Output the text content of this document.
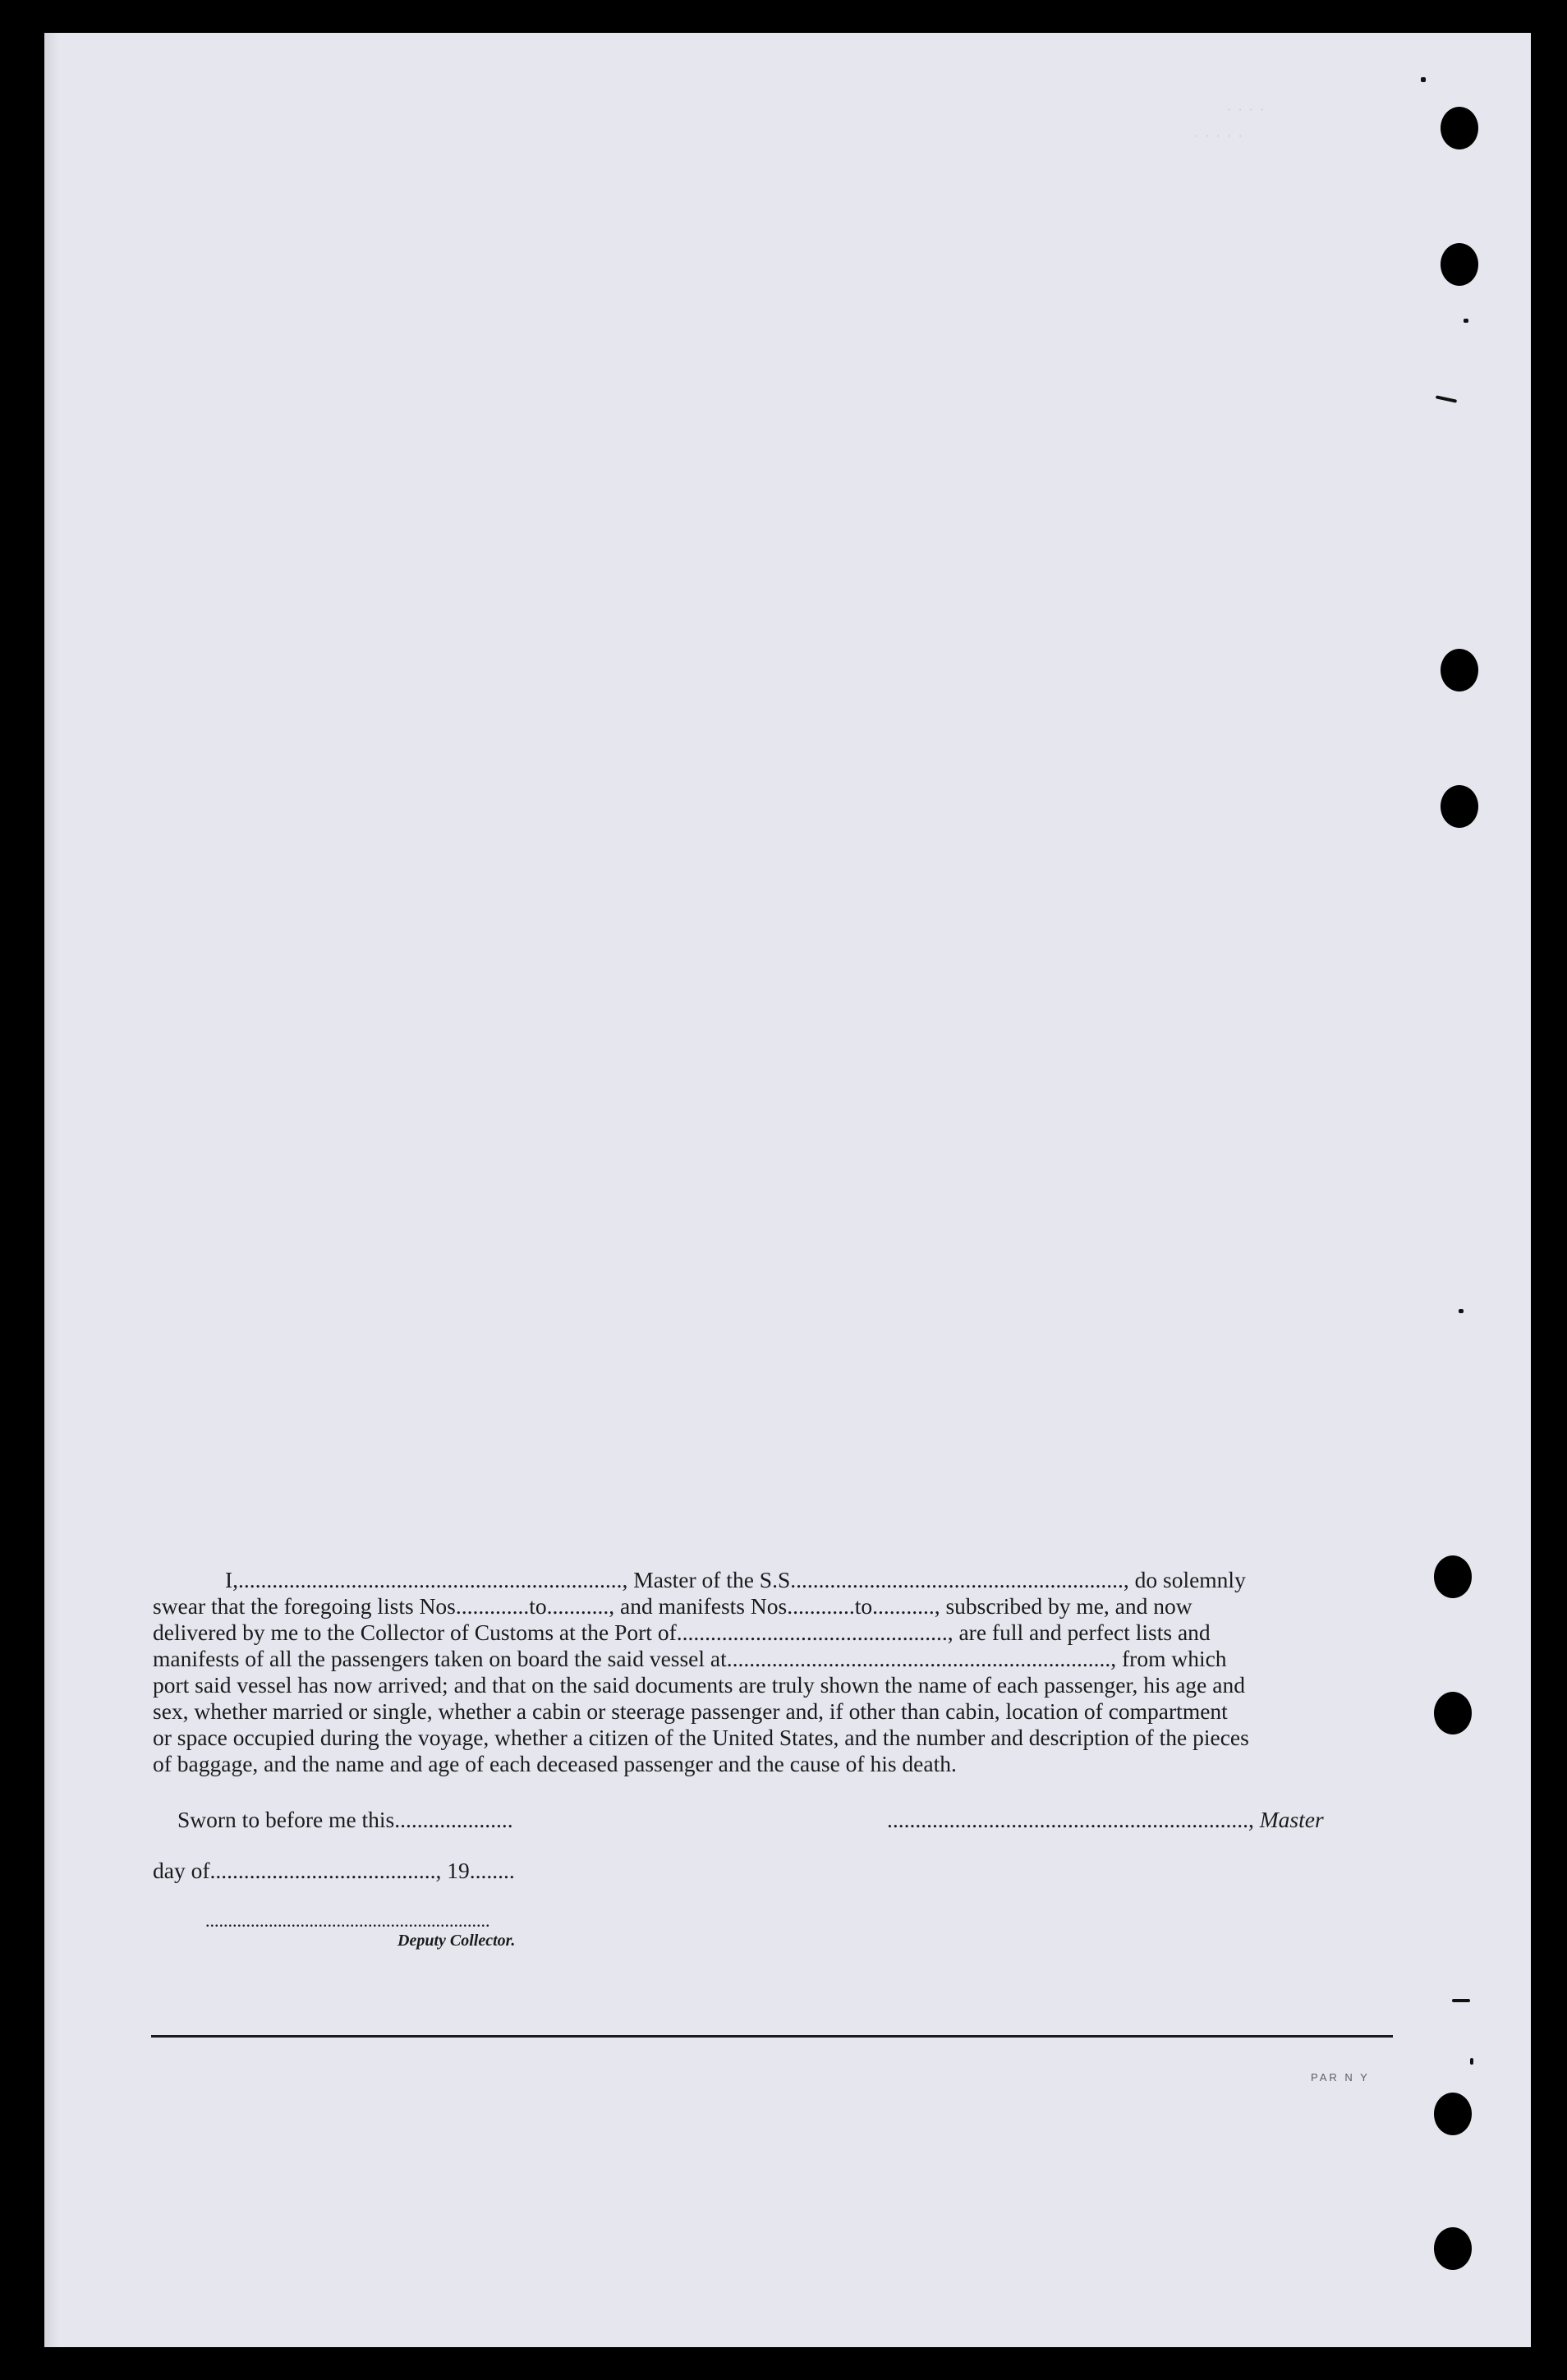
· · · ·
· · · · ·
I,...................................................................., Master of the S.S..........................................................., do solemnly
swear that the foregoing lists Nos.............to..........., and manifests Nos............to..........., subscribed by me, and now
delivered by me to the Collector of Customs at the Port of................................................, are full and perfect lists and
manifests of all the passengers taken on board the said vessel at...................................................................., from which
port said vessel has now arrived; and that on the said documents are truly shown the name of each passenger, his age and
sex, whether married or single, whether a cabin or steerage passenger and, if other than cabin, location of compartment
or space occupied during the voyage, whether a citizen of the United States, and the number and description of the pieces
of baggage, and the name and age of each deceased passenger and the cause of his death.
Sworn to before me this.....................	................................................................, Master
day of........................................, 19........
...............................................................
Deputy Collector.
PAR N Y
